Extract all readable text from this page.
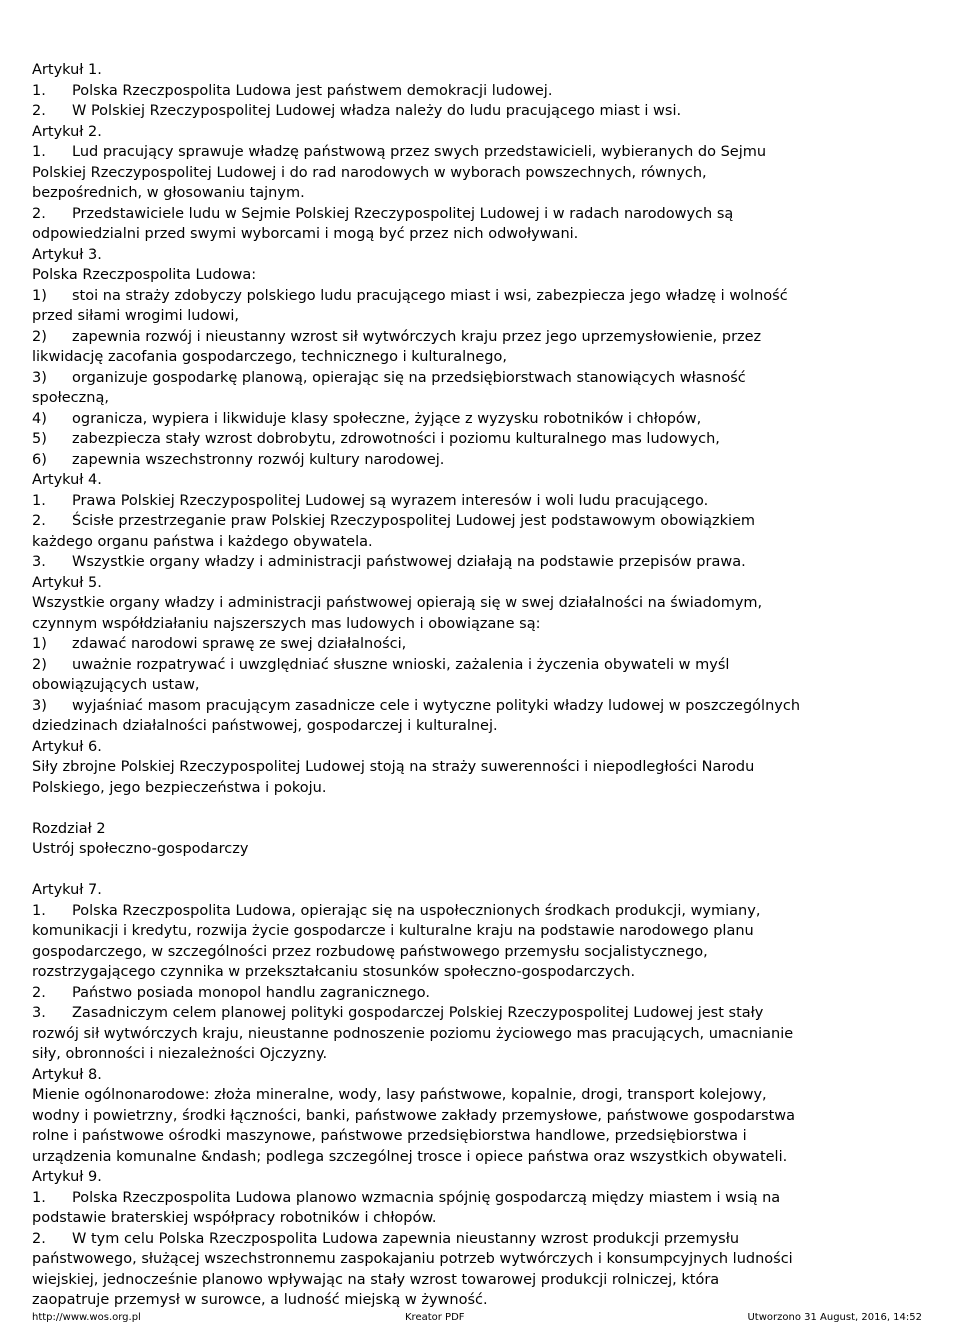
Artykuł 1.
1. Polska Rzeczpospolita Ludowa jest państwem demokracji ludowej.
2. W Polskiej Rzeczypospolitej Ludowej władza należy do ludu pracującego miast i wsi.
Artykuł 2.
1. Lud pracujący sprawuje władzę państwową przez swych przedstawicieli, wybieranych do Sejmu
Polskiej Rzeczypospolitej Ludowej i do rad narodowych w wyborach powszechnych, równych,
bezpośrednich, w głosowaniu tajnym.
2. Przedstawiciele ludu w Sejmie Polskiej Rzeczypospolitej Ludowej i w radach narodowych są
odpowiedzialni przed swymi wyborcami i mogą być przez nich odwoływani.
Artykuł 3.
Polska Rzeczpospolita Ludowa:
1) stoi na straży zdobyczy polskiego ludu pracującego miast i wsi, zabezpiecza jego władzę i wolność
przed siłami wrogimi ludowi,
2) zapewnia rozwój i nieustanny wzrost sił wytwórczych kraju przez jego uprzemysłowienie, przez
likwidację zacofania gospodarczego, technicznego i kulturalnego,
3) organizuje gospodarkę planową, opierając się na przedsiębiorstwach stanowiących własność
społeczną,
4) ogranicza, wypiera i likwiduje klasy społeczne, żyjące z wyzysku robotników i chłopów,
5) zabezpiecza stały wzrost dobrobytu, zdrowotności i poziomu kulturalnego mas ludowych,
6) zapewnia wszechstronny rozwój kultury narodowej.
Artykuł 4.
1. Prawa Polskiej Rzeczypospolitej Ludowej są wyrazem interesów i woli ludu pracującego.
2. Ścisłe przestrzeganie praw Polskiej Rzeczypospolitej Ludowej jest podstawowym obowiązkiem
każdego organu państwa i każdego obywatela.
3. Wszystkie organy władzy i administracji państwowej działają na podstawie przepisów prawa.
Artykuł 5.
Wszystkie organy władzy i administracji państwowej opierają się w swej działalności na świadomym,
czynnym współdziałaniu najszerszych mas ludowych i obowiązane są:
1) zdawać narodowi sprawę ze swej działalności,
2) uważnie rozpatrywać i uwzględniać słuszne wnioski, zażalenia i życzenia obywateli w myśl
obowiązujących ustaw,
3) wyjaśniać masom pracującym zasadnicze cele i wytyczne polityki władzy ludowej w poszczególnych
dziedzinach działalności państwowej, gospodarczej i kulturalnej.
Artykuł 6.
Siły zbrojne Polskiej Rzeczypospolitej Ludowej stoją na straży suwerenności i niepodległości Narodu
Polskiego, jego bezpieczeństwa i pokoju.
Rozdział 2
Ustrój społeczno-gospodarczy
Artykuł 7.
1. Polska Rzeczpospolita Ludowa, opierając się na uspołecznionych środkach produkcji, wymiany,
komunikacji i kredytu, rozwija życie gospodarcze i kulturalne kraju na podstawie narodowego planu
gospodarczego, w szczególności przez rozbudowę państwowego przemysłu socjalistycznego,
rozstrzygającego czynnika w przekształcaniu stosunków społeczno-gospodarczych.
2. Państwo posiada monopol handlu zagranicznego.
3. Zasadniczym celem planowej polityki gospodarczej Polskiej Rzeczypospolitej Ludowej jest stały
rozwój sił wytwórczych kraju, nieustanne podnoszenie poziomu życiowego mas pracujących, umacnianie
siły, obronności i niezależności Ojczyzny.
Artykuł 8.
Mienie ogólnonarodowe: złoża mineralne, wody, lasy państwowe, kopalnie, drogi, transport kolejowy,
wodny i powietrzny, środki łączności, banki, państwowe zakłady przemysłowe, państwowe gospodarstwa
rolne i państwowe ośrodki maszynowe, państwowe przedsiębiorstwa handlowe, przedsiębiorstwa i
urządzenia komunalne &ndash; podlega szczególnej trosce i opiece państwa oraz wszystkich obywateli.
Artykuł 9.
1. Polska Rzeczpospolita Ludowa planowo wzmacnia spójnię gospodarczą między miastem i wsią na
podstawie braterskiej współpracy robotników i chłopów.
2. W tym celu Polska Rzeczpospolita Ludowa zapewnia nieustanny wzrost produkcji przemysłu
państwowego, służącej wszechstronnemu zaspokajaniu potrzeb wytwórczych i konsumpcyjnych ludności
wiejskiej, jednocześnie planowo wpływając na stały wzrost towarowej produkcji rolniczej, która
zaopatruje przemysł w surowce, a ludność miejską w żywność.
http://www.wos.org.pl	Kreator PDF	Utworzono 31 August, 2016, 14:52
